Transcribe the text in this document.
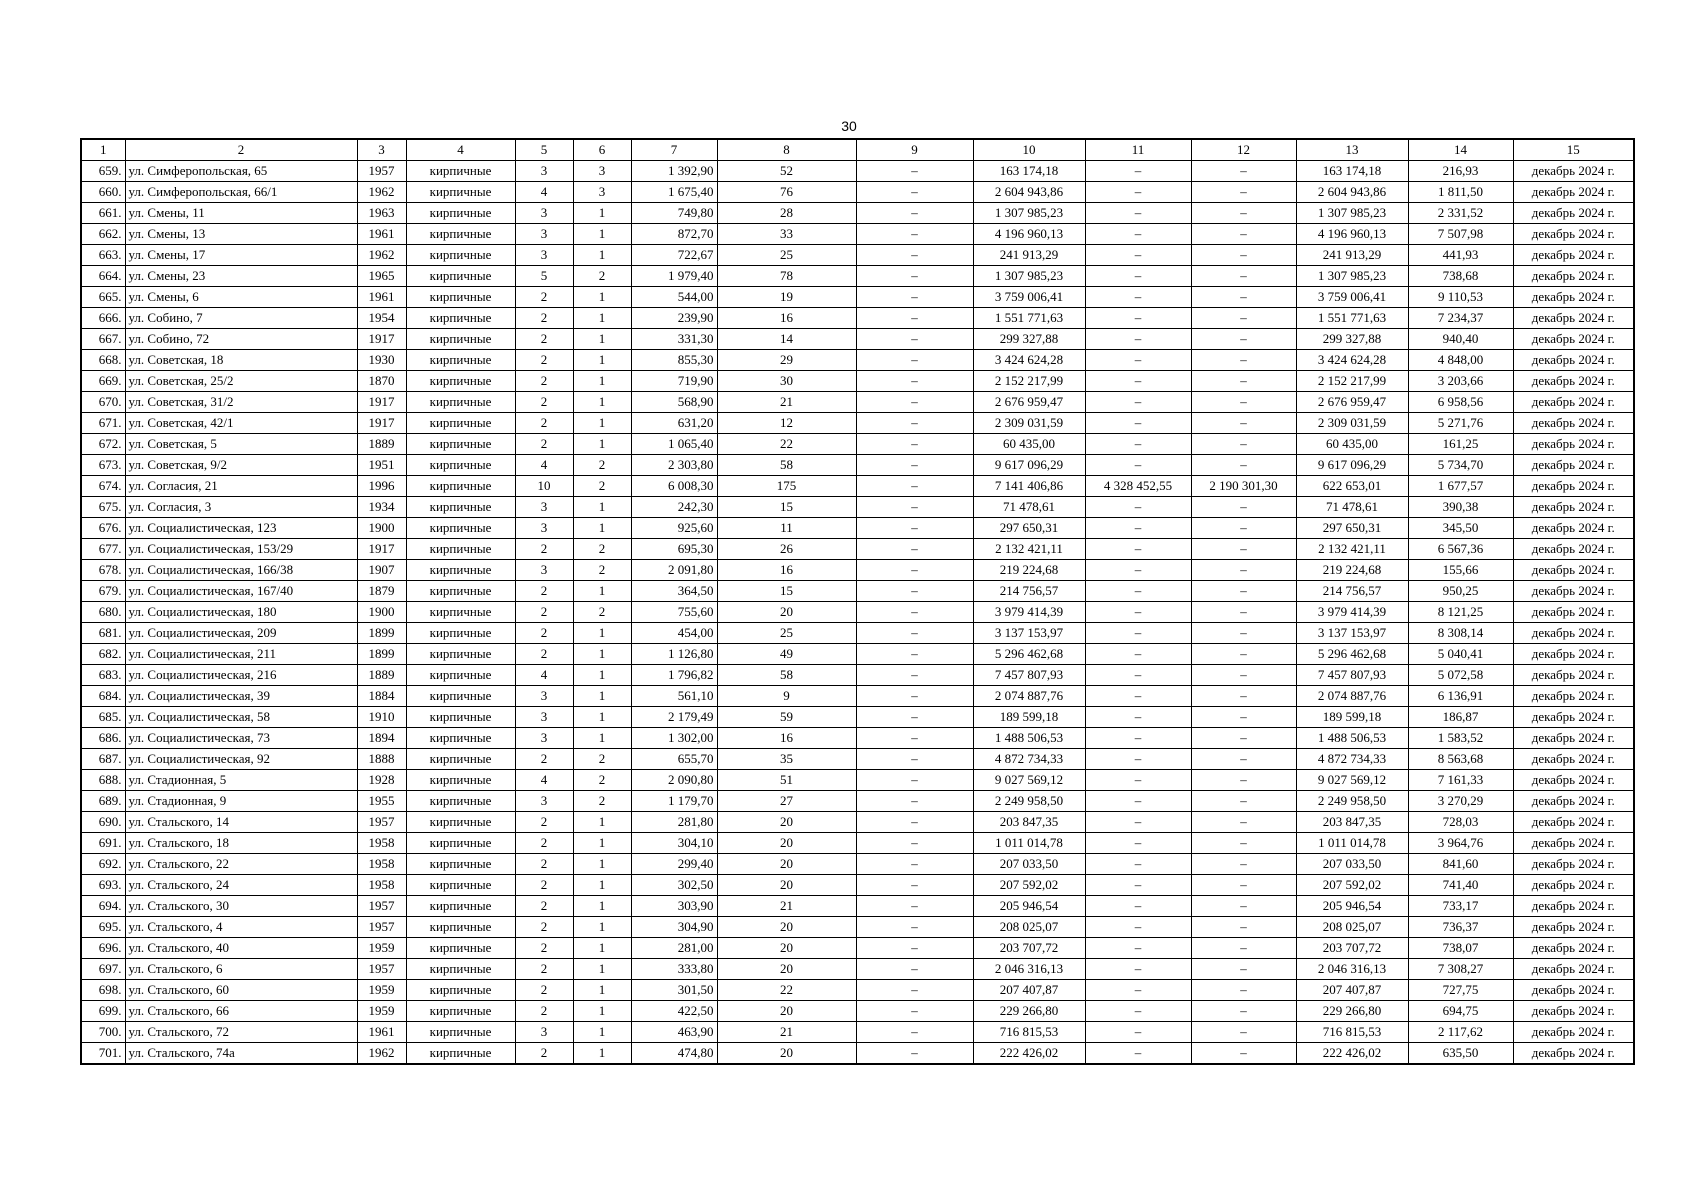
30
1	2	3	4	5	6	7	8	9	10	11	12	13	14	15
659.	ул. Симферопольская, 65	1957	кирпичные	3	3	1 392,90	52	–	163 174,18	–	–	163 174,18	216,93	декабрь 2024 г.
660.	ул. Симферопольская, 66/1	1962	кирпичные	4	3	1 675,40	76	–	2 604 943,86	–	–	2 604 943,86	1 811,50	декабрь 2024 г.
661.	ул. Смены, 11	1963	кирпичные	3	1	749,80	28	–	1 307 985,23	–	–	1 307 985,23	2 331,52	декабрь 2024 г.
662.	ул. Смены, 13	1961	кирпичные	3	1	872,70	33	–	4 196 960,13	–	–	4 196 960,13	7 507,98	декабрь 2024 г.
663.	ул. Смены, 17	1962	кирпичные	3	1	722,67	25	–	241 913,29	–	–	241 913,29	441,93	декабрь 2024 г.
664.	ул. Смены, 23	1965	кирпичные	5	2	1 979,40	78	–	1 307 985,23	–	–	1 307 985,23	738,68	декабрь 2024 г.
665.	ул. Смены, 6	1961	кирпичные	2	1	544,00	19	–	3 759 006,41	–	–	3 759 006,41	9 110,53	декабрь 2024 г.
666.	ул. Собино, 7	1954	кирпичные	2	1	239,90	16	–	1 551 771,63	–	–	1 551 771,63	7 234,37	декабрь 2024 г.
667.	ул. Собино, 72	1917	кирпичные	2	1	331,30	14	–	299 327,88	–	–	299 327,88	940,40	декабрь 2024 г.
668.	ул. Советская, 18	1930	кирпичные	2	1	855,30	29	–	3 424 624,28	–	–	3 424 624,28	4 848,00	декабрь 2024 г.
669.	ул. Советская, 25/2	1870	кирпичные	2	1	719,90	30	–	2 152 217,99	–	–	2 152 217,99	3 203,66	декабрь 2024 г.
670.	ул. Советская, 31/2	1917	кирпичные	2	1	568,90	21	–	2 676 959,47	–	–	2 676 959,47	6 958,56	декабрь 2024 г.
671.	ул. Советская, 42/1	1917	кирпичные	2	1	631,20	12	–	2 309 031,59	–	–	2 309 031,59	5 271,76	декабрь 2024 г.
672.	ул. Советская, 5	1889	кирпичные	2	1	1 065,40	22	–	60 435,00	–	–	60 435,00	161,25	декабрь 2024 г.
673.	ул. Советская, 9/2	1951	кирпичные	4	2	2 303,80	58	–	9 617 096,29	–	–	9 617 096,29	5 734,70	декабрь 2024 г.
674.	ул. Согласия, 21	1996	кирпичные	10	2	6 008,30	175	–	7 141 406,86	4 328 452,55	2 190 301,30	622 653,01	1 677,57	декабрь 2024 г.
675.	ул. Согласия, 3	1934	кирпичные	3	1	242,30	15	–	71 478,61	–	–	71 478,61	390,38	декабрь 2024 г.
676.	ул. Социалистическая, 123	1900	кирпичные	3	1	925,60	11	–	297 650,31	–	–	297 650,31	345,50	декабрь 2024 г.
677.	ул. Социалистическая, 153/29	1917	кирпичные	2	2	695,30	26	–	2 132 421,11	–	–	2 132 421,11	6 567,36	декабрь 2024 г.
678.	ул. Социалистическая, 166/38	1907	кирпичные	3	2	2 091,80	16	–	219 224,68	–	–	219 224,68	155,66	декабрь 2024 г.
679.	ул. Социалистическая, 167/40	1879	кирпичные	2	1	364,50	15	–	214 756,57	–	–	214 756,57	950,25	декабрь 2024 г.
680.	ул. Социалистическая, 180	1900	кирпичные	2	2	755,60	20	–	3 979 414,39	–	–	3 979 414,39	8 121,25	декабрь 2024 г.
681.	ул. Социалистическая, 209	1899	кирпичные	2	1	454,00	25	–	3 137 153,97	–	–	3 137 153,97	8 308,14	декабрь 2024 г.
682.	ул. Социалистическая, 211	1899	кирпичные	2	1	1 126,80	49	–	5 296 462,68	–	–	5 296 462,68	5 040,41	декабрь 2024 г.
683.	ул. Социалистическая, 216	1889	кирпичные	4	1	1 796,82	58	–	7 457 807,93	–	–	7 457 807,93	5 072,58	декабрь 2024 г.
684.	ул. Социалистическая, 39	1884	кирпичные	3	1	561,10	9	–	2 074 887,76	–	–	2 074 887,76	6 136,91	декабрь 2024 г.
685.	ул. Социалистическая, 58	1910	кирпичные	3	1	2 179,49	59	–	189 599,18	–	–	189 599,18	186,87	декабрь 2024 г.
686.	ул. Социалистическая, 73	1894	кирпичные	3	1	1 302,00	16	–	1 488 506,53	–	–	1 488 506,53	1 583,52	декабрь 2024 г.
687.	ул. Социалистическая, 92	1888	кирпичные	2	2	655,70	35	–	4 872 734,33	–	–	4 872 734,33	8 563,68	декабрь 2024 г.
688.	ул. Стадионная, 5	1928	кирпичные	4	2	2 090,80	51	–	9 027 569,12	–	–	9 027 569,12	7 161,33	декабрь 2024 г.
689.	ул. Стадионная, 9	1955	кирпичные	3	2	1 179,70	27	–	2 249 958,50	–	–	2 249 958,50	3 270,29	декабрь 2024 г.
690.	ул. Стальского, 14	1957	кирпичные	2	1	281,80	20	–	203 847,35	–	–	203 847,35	728,03	декабрь 2024 г.
691.	ул. Стальского, 18	1958	кирпичные	2	1	304,10	20	–	1 011 014,78	–	–	1 011 014,78	3 964,76	декабрь 2024 г.
692.	ул. Стальского, 22	1958	кирпичные	2	1	299,40	20	–	207 033,50	–	–	207 033,50	841,60	декабрь 2024 г.
693.	ул. Стальского, 24	1958	кирпичные	2	1	302,50	20	–	207 592,02	–	–	207 592,02	741,40	декабрь 2024 г.
694.	ул. Стальского, 30	1957	кирпичные	2	1	303,90	21	–	205 946,54	–	–	205 946,54	733,17	декабрь 2024 г.
695.	ул. Стальского, 4	1957	кирпичные	2	1	304,90	20	–	208 025,07	–	–	208 025,07	736,37	декабрь 2024 г.
696.	ул. Стальского, 40	1959	кирпичные	2	1	281,00	20	–	203 707,72	–	–	203 707,72	738,07	декабрь 2024 г.
697.	ул. Стальского, 6	1957	кирпичные	2	1	333,80	20	–	2 046 316,13	–	–	2 046 316,13	7 308,27	декабрь 2024 г.
698.	ул. Стальского, 60	1959	кирпичные	2	1	301,50	22	–	207 407,87	–	–	207 407,87	727,75	декабрь 2024 г.
699.	ул. Стальского, 66	1959	кирпичные	2	1	422,50	20	–	229 266,80	–	–	229 266,80	694,75	декабрь 2024 г.
700.	ул. Стальского, 72	1961	кирпичные	3	1	463,90	21	–	716 815,53	–	–	716 815,53	2 117,62	декабрь 2024 г.
701.	ул. Стальского, 74а	1962	кирпичные	2	1	474,80	20	–	222 426,02	–	–	222 426,02	635,50	декабрь 2024 г.
